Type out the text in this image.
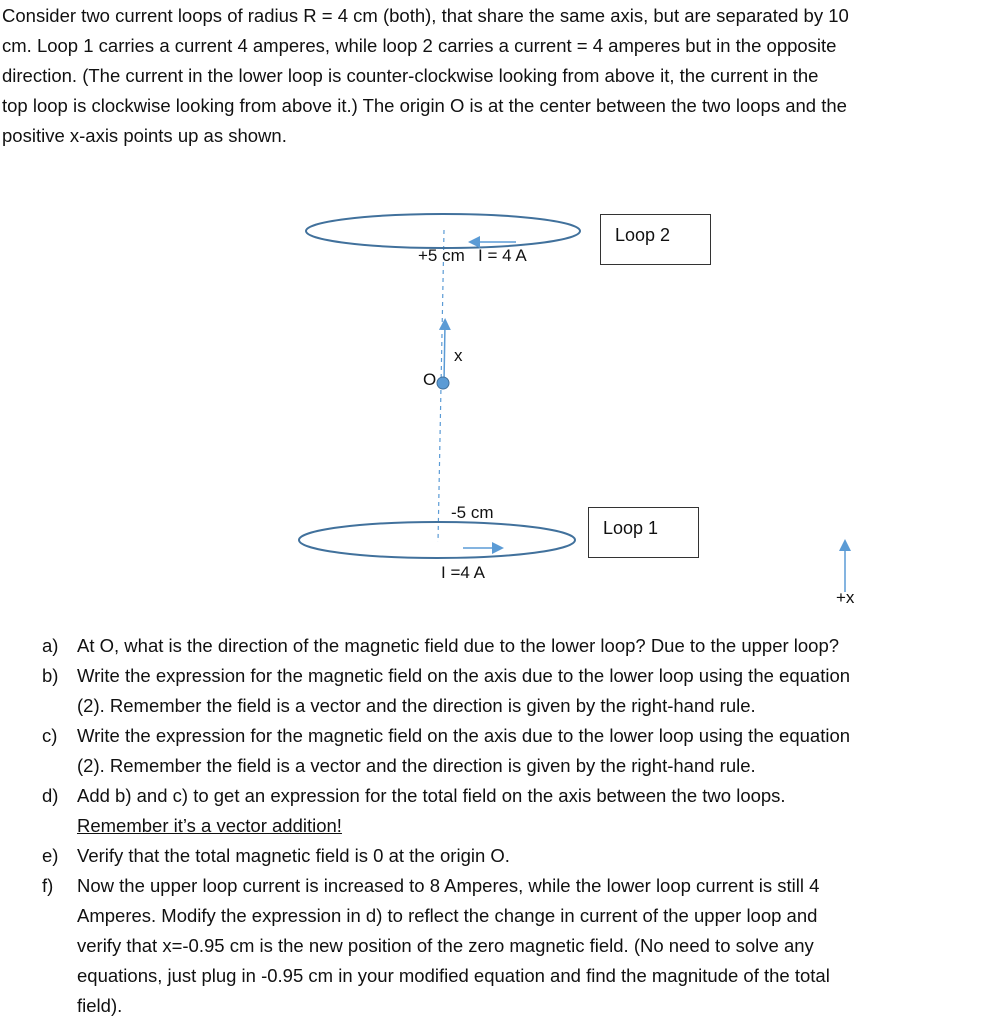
Consider two current loops of radius R = 4 cm (both), that share the same axis, but are separated by 10
cm. Loop 1 carries a current 4 amperes, while loop 2 carries a current = 4 amperes but in the opposite
direction. (The current in the lower loop is counter-clockwise looking from above it, the current in the
top loop is clockwise looking from above it.) The origin O is at the center between the two loops and the
positive x-axis points up as shown.
+5 cm I = 4 A
-5 cm
I =4 A
O
x
+x
Loop 2
Loop 1
a) At O, what is the direction of the magnetic field due to the lower loop? Due to the upper loop?
b) Write the expression for the magnetic field on the axis due to the lower loop using the equation
(2). Remember the field is a vector and the direction is given by the right-hand rule.
c) Write the expression for the magnetic field on the axis due to the lower loop using the equation
(2). Remember the field is a vector and the direction is given by the right-hand rule.
d) Add b) and c) to get an expression for the total field on the axis between the two loops.
Remember it’s a vector addition!
e) Verify that the total magnetic field is 0 at the origin O.
f) Now the upper loop current is increased to 8 Amperes, while the lower loop current is still 4
Amperes. Modify the expression in d) to reflect the change in current of the upper loop and
verify that x=-0.95 cm is the new position of the zero magnetic field. (No need to solve any
equations, just plug in -0.95 cm in your modified equation and find the magnitude of the total
field).
